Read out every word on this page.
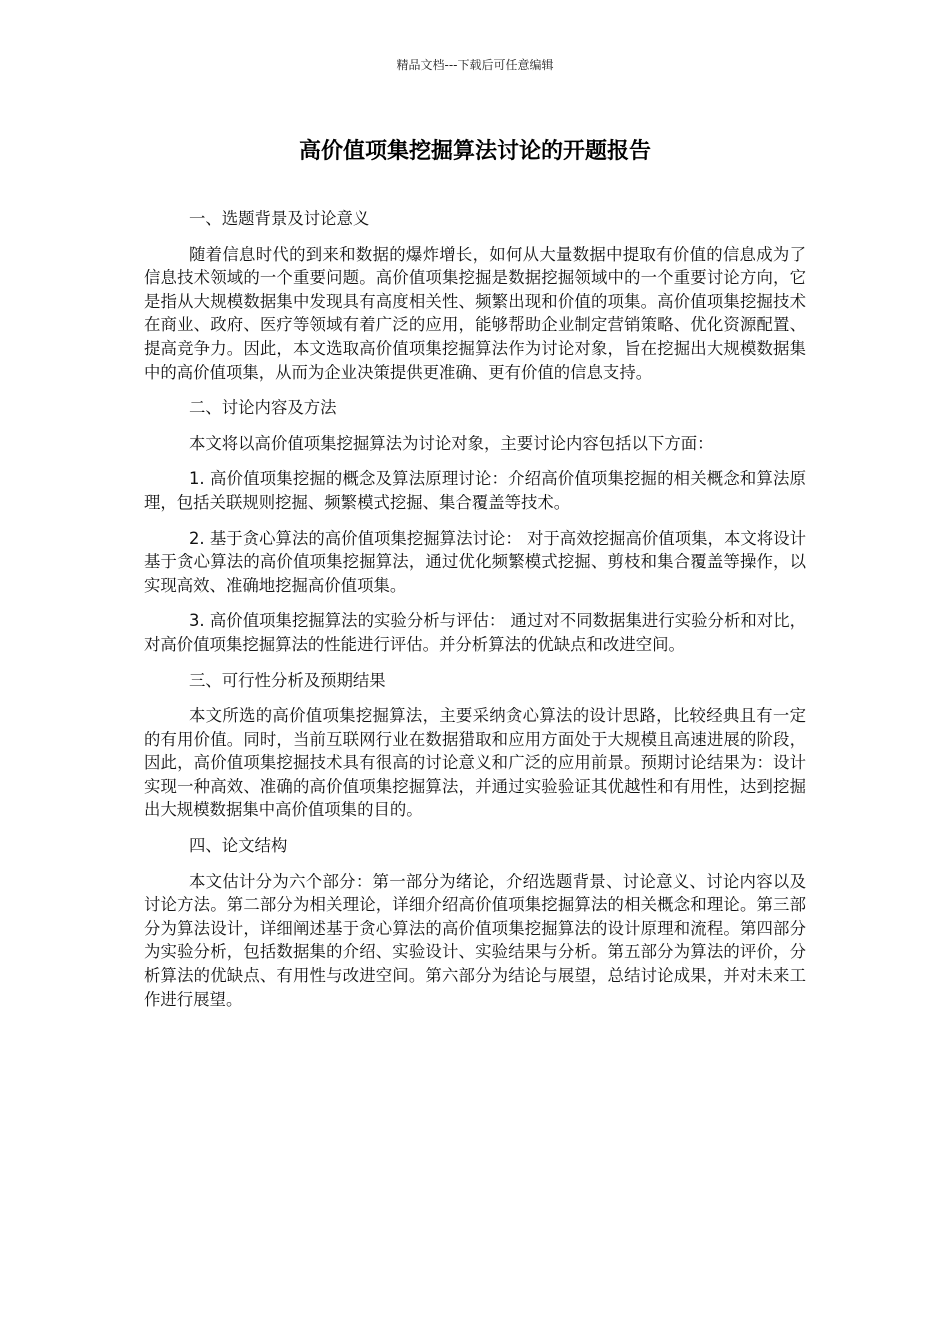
精品文档---下载后可任意编辑
高价值项集挖掘算法讨论的开题报告

一、选题背景及讨论意义

随着信息时代的到来和数据的爆炸增长，如何从大量数据中提取有价值的信息成为了信息技术领域的一个重要问题。高价值项集挖掘是数据挖掘领域中的一个重要讨论方向，它是指从大规模数据集中发现具有高度相关性、频繁出现和价值的项集。高价值项集挖掘技术在商业、政府、医疗等领域有着广泛的应用，能够帮助企业制定营销策略、优化资源配置、提高竞争力。因此，本文选取高价值项集挖掘算法作为讨论对象，旨在挖掘出大规模数据集中的高价值项集，从而为企业决策提供更准确、更有价值的信息支持。

二、讨论内容及方法

本文将以高价值项集挖掘算法为讨论对象，主要讨论内容包括以下方面：

1. 高价值项集挖掘的概念及算法原理讨论：介绍高价值项集挖掘的相关概念和算法原理，包括关联规则挖掘、频繁模式挖掘、集合覆盖等技术。

2. 基于贪心算法的高价值项集挖掘算法讨论： 对于高效挖掘高价值项集，本文将设计基于贪心算法的高价值项集挖掘算法，通过优化频繁模式挖掘、剪枝和集合覆盖等操作，以实现高效、准确地挖掘高价值项集。

3. 高价值项集挖掘算法的实验分析与评估： 通过对不同数据集进行实验分析和对比，对高价值项集挖掘算法的性能进行评估。并分析算法的优缺点和改进空间。

三、可行性分析及预期结果

本文所选的高价值项集挖掘算法，主要采纳贪心算法的设计思路，比较经典且有一定的有用价值。同时，当前互联网行业在数据猎取和应用方面处于大规模且高速进展的阶段，因此，高价值项集挖掘技术具有很高的讨论意义和广泛的应用前景。预期讨论结果为：设计实现一种高效、准确的高价值项集挖掘算法，并通过实验验证其优越性和有用性，达到挖掘出大规模数据集中高价值项集的目的。

四、论文结构

本文估计分为六个部分：第一部分为绪论，介绍选题背景、讨论意义、讨论内容以及讨论方法。第二部分为相关理论，详细介绍高价值项集挖掘算法的相关概念和理论。第三部分为算法设计，详细阐述基于贪心算法的高价值项集挖掘算法的设计原理和流程。第四部分为实验分析，包括数据集的介绍、实验设计、实验结果与分析。第五部分为算法的评价，分析算法的优缺点、有用性与改进空间。第六部分为结论与展望，总结讨论成果，并对未来工作进行展望。
